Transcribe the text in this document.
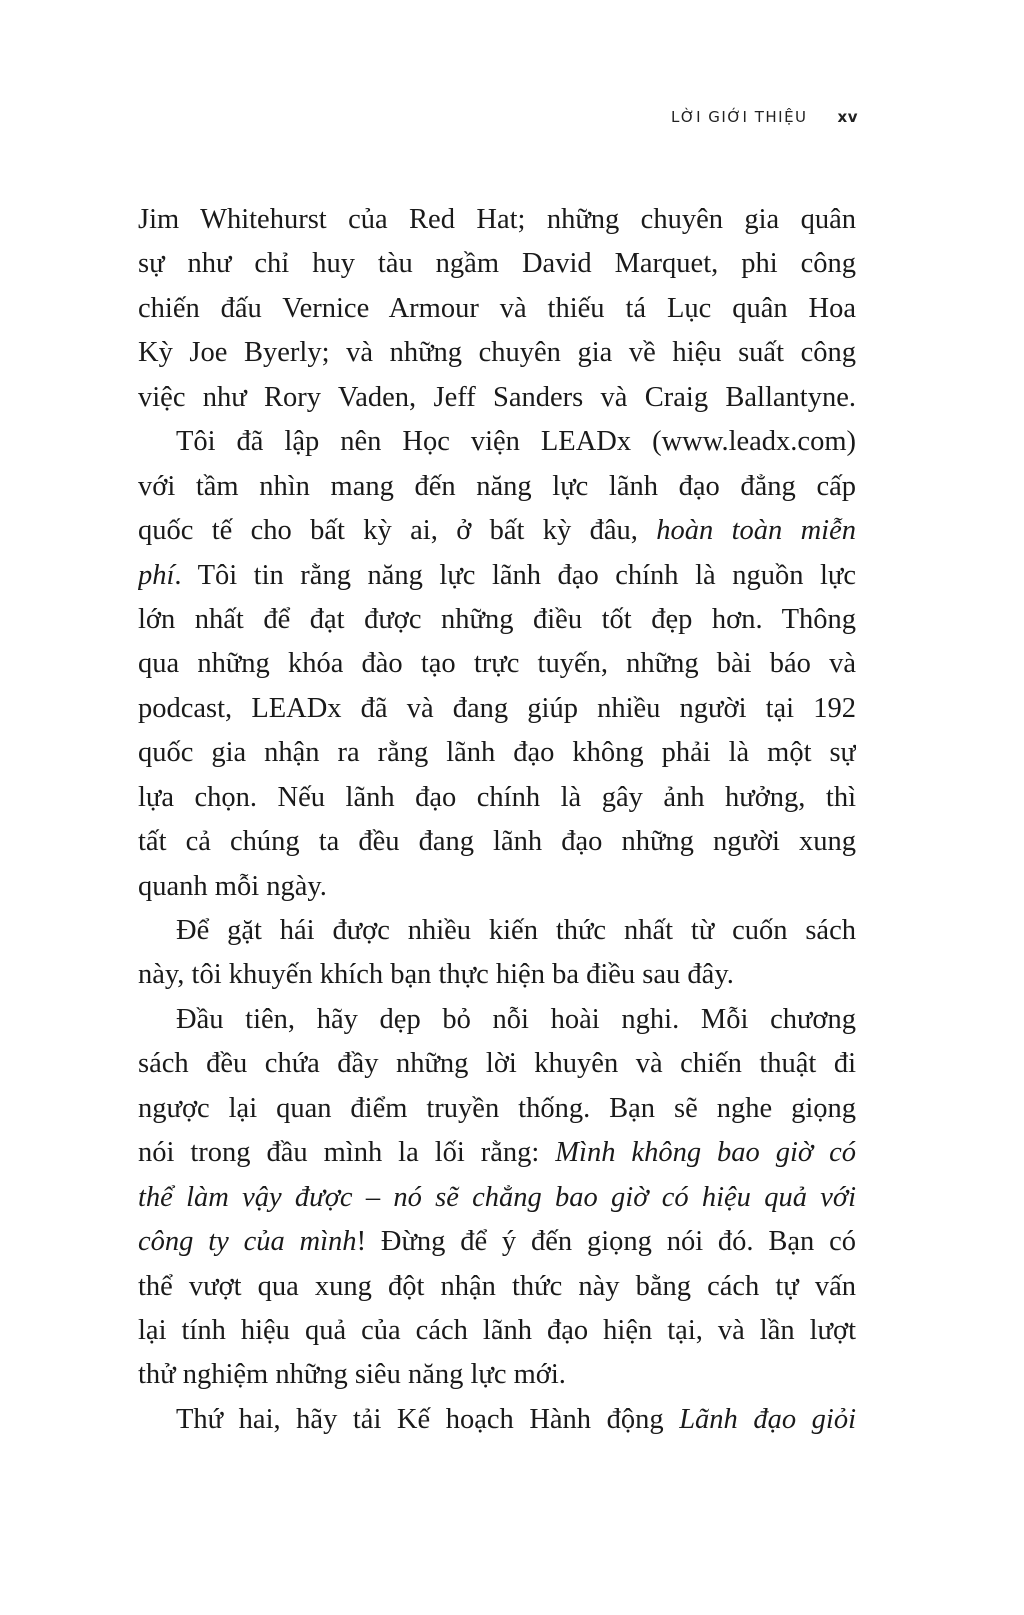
LỜI GIỚI THIỆU xv
Jim Whitehurst của Red Hat; những chuyên gia quân
sự như chỉ huy tàu ngầm David Marquet, phi công
chiến đấu Vernice Armour và thiếu tá Lục quân Hoa
Kỳ Joe Byerly; và những chuyên gia về hiệu suất công
việc như Rory Vaden, Jeff Sanders và Craig Ballantyne.
Tôi đã lập nên Học viện LEADx (www.leadx.com)
với tầm nhìn mang đến năng lực lãnh đạo đẳng cấp
quốc tế cho bất kỳ ai, ở bất kỳ đâu, hoàn toàn miễn
phí. Tôi tin rằng năng lực lãnh đạo chính là nguồn lực
lớn nhất để đạt được những điều tốt đẹp hơn. Thông
qua những khóa đào tạo trực tuyến, những bài báo và
podcast, LEADx đã và đang giúp nhiều người tại 192
quốc gia nhận ra rằng lãnh đạo không phải là một sự
lựa chọn. Nếu lãnh đạo chính là gây ảnh hưởng, thì
tất cả chúng ta đều đang lãnh đạo những người xung
quanh mỗi ngày.
Để gặt hái được nhiều kiến thức nhất từ cuốn sách
này, tôi khuyến khích bạn thực hiện ba điều sau đây.
Đầu tiên, hãy dẹp bỏ nỗi hoài nghi. Mỗi chương
sách đều chứa đầy những lời khuyên và chiến thuật đi
ngược lại quan điểm truyền thống. Bạn sẽ nghe giọng
nói trong đầu mình la lối rằng: Mình không bao giờ có
thể làm vậy được – nó sẽ chẳng bao giờ có hiệu quả với
công ty của mình! Đừng để ý đến giọng nói đó. Bạn có
thể vượt qua xung đột nhận thức này bằng cách tự vấn
lại tính hiệu quả của cách lãnh đạo hiện tại, và lần lượt
thử nghiệm những siêu năng lực mới.
Thứ hai, hãy tải Kế hoạch Hành động Lãnh đạo giỏi
